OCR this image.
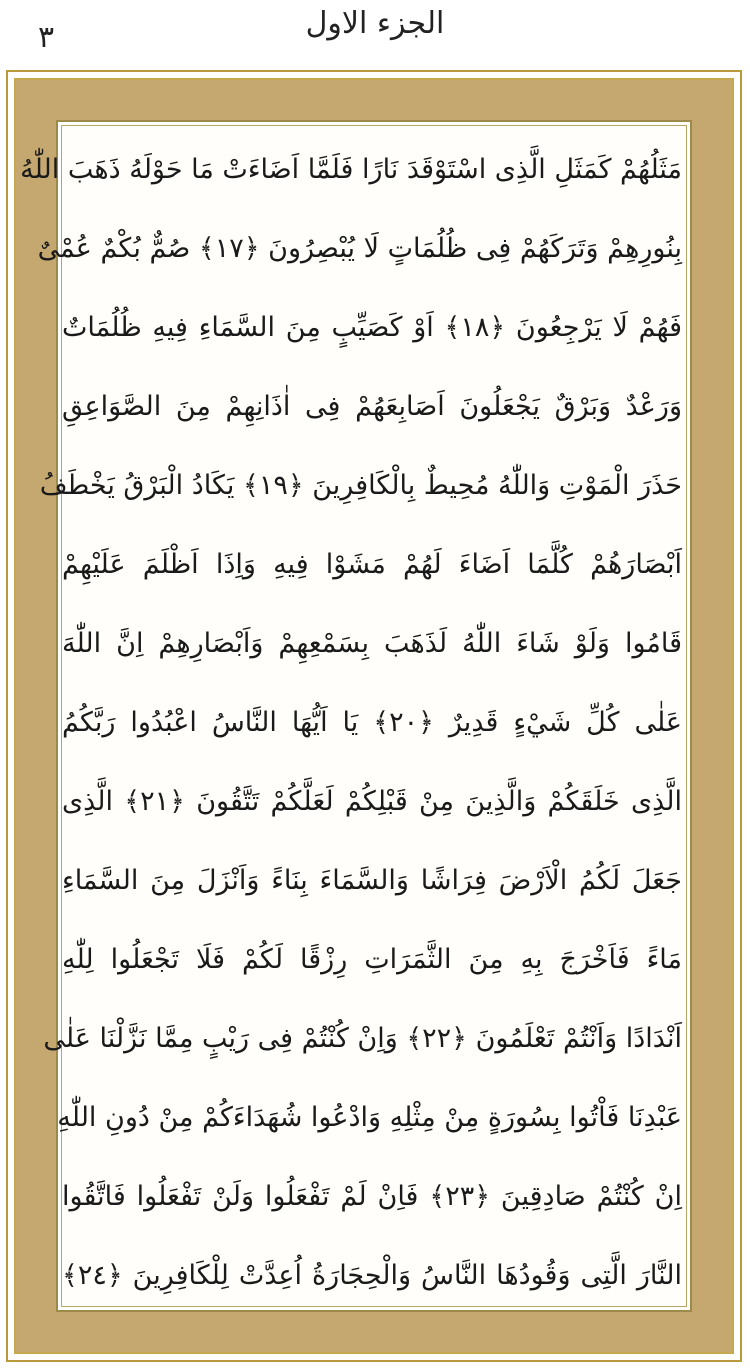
الجزء الاول
٣
مَثَلُهُمْ كَمَثَلِ الَّذِى اسْتَوْقَدَ نَارًا فَلَمَّا اَضَاءَتْ مَا حَوْلَهُ ذَهَبَ اللّٰهُ
بِنُورِهِمْ وَتَرَكَهُمْ فِى ظُلُمَاتٍ لَا يُبْصِرُونَ ﴿١٧﴾ صُمٌّ بُكْمٌ عُمْىٌ
فَهُمْ لَا يَرْجِعُونَ ﴿١٨﴾ اَوْ كَصَيِّبٍ مِنَ السَّمَاءِ فِيهِ ظُلُمَاتٌ
وَرَعْدٌ وَبَرْقٌ يَجْعَلُونَ اَصَابِعَهُمْ فِى اٰذَانِهِمْ مِنَ الصَّوَاعِقِ
حَذَرَ الْمَوْتِ وَاللّٰهُ مُحِيطٌ بِالْكَافِرِينَ ﴿١٩﴾ يَكَادُ الْبَرْقُ يَخْطَفُ
اَبْصَارَهُمْ كُلَّمَا اَضَاءَ لَهُمْ مَشَوْا فِيهِ وَاِذَا اَظْلَمَ عَلَيْهِمْ
قَامُوا وَلَوْ شَاءَ اللّٰهُ لَذَهَبَ بِسَمْعِهِمْ وَاَبْصَارِهِمْ اِنَّ اللّٰهَ
عَلٰى كُلِّ شَيْءٍ قَدِيرٌ ﴿٢٠﴾ يَا اَيُّهَا النَّاسُ اعْبُدُوا رَبَّكُمُ
الَّذِى خَلَقَكُمْ وَالَّذِينَ مِنْ قَبْلِكُمْ لَعَلَّكُمْ تَتَّقُونَ ﴿٢١﴾ الَّذِى
جَعَلَ لَكُمُ الْاَرْضَ فِرَاشًا وَالسَّمَاءَ بِنَاءً وَاَنْزَلَ مِنَ السَّمَاءِ
مَاءً فَاَخْرَجَ بِهِ مِنَ الثَّمَرَاتِ رِزْقًا لَكُمْ فَلَا تَجْعَلُوا لِلّٰهِ
اَنْدَادًا وَاَنْتُمْ تَعْلَمُونَ ﴿٢٢﴾ وَاِنْ كُنْتُمْ فِى رَيْبٍ مِمَّا نَزَّلْنَا عَلٰى
عَبْدِنَا فَاْتُوا بِسُورَةٍ مِنْ مِثْلِهِ وَادْعُوا شُهَدَاءَكُمْ مِنْ دُونِ اللّٰهِ
اِنْ كُنْتُمْ صَادِقِينَ ﴿٢٣﴾ فَاِنْ لَمْ تَفْعَلُوا وَلَنْ تَفْعَلُوا فَاتَّقُوا
النَّارَ الَّتِى وَقُودُهَا النَّاسُ وَالْحِجَارَةُ اُعِدَّتْ لِلْكَافِرِينَ ﴿٢٤﴾
